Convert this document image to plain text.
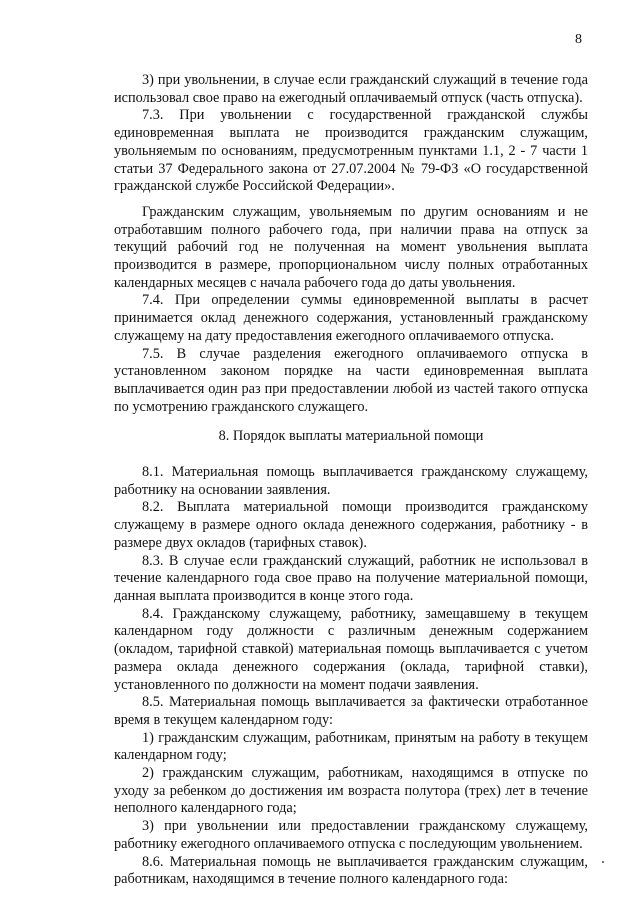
8

3) при увольнении, в случае если гражданский служащий в течение года использовал свое право на ежегодный оплачиваемый отпуск (часть отпуска).

7.3. При увольнении с государственной гражданской службы единовременная выплата не производится гражданским служащим, увольняемым по основаниям, предусмотренным пунктами 1.1, 2 - 7 части 1 статьи 37 Федерального закона от 27.07.2004 № 79-ФЗ «О государственной гражданской службе Российской Федерации».

Гражданским служащим, увольняемым по другим основаниям и не отработавшим полного рабочего года, при наличии права на отпуск за текущий рабочий год не полученная на момент увольнения выплата производится в размере, пропорциональном числу полных отработанных календарных месяцев с начала рабочего года до даты увольнения.

7.4. При определении суммы единовременной выплаты в расчет принимается оклад денежного содержания, установленный гражданскому служащему на дату предоставления ежегодного оплачиваемого отпуска.

7.5. В случае разделения ежегодного оплачиваемого отпуска в установленном законом порядке на части единовременная выплата выплачивается один раз при предоставлении любой из частей такого отпуска по усмотрению гражданского служащего.

8. Порядок выплаты материальной помощи

8.1. Материальная помощь выплачивается гражданскому служащему, работнику на основании заявления.

8.2. Выплата материальной помощи производится гражданскому служащему в размере одного оклада денежного содержания, работнику - в размере двух окладов (тарифных ставок).

8.3. В случае если гражданский служащий, работник не использовал в течение календарного года свое право на получение материальной помощи, данная выплата производится в конце этого года.

8.4. Гражданскому служащему, работнику, замещавшему в текущем календарном году должности с различным денежным содержанием (окладом, тарифной ставкой) материальная помощь выплачивается с учетом размера оклада денежного содержания (оклада, тарифной ставки), установленного по должности на момент подачи заявления.

8.5. Материальная помощь выплачивается за фактически отработанное время в текущем календарном году:

1) гражданским служащим, работникам, принятым на работу в текущем календарном году;

2) гражданским служащим, работникам, находящимся в отпуске по уходу за ребенком до достижения им возраста полутора (трех) лет в течение неполного календарного года;

3) при увольнении или предоставлении гражданскому служащему, работнику ежегодного оплачиваемого отпуска с последующим увольнением.

8.6. Материальная помощь не выплачивается гражданским служащим, работникам, находящимся в течение полного календарного года:
